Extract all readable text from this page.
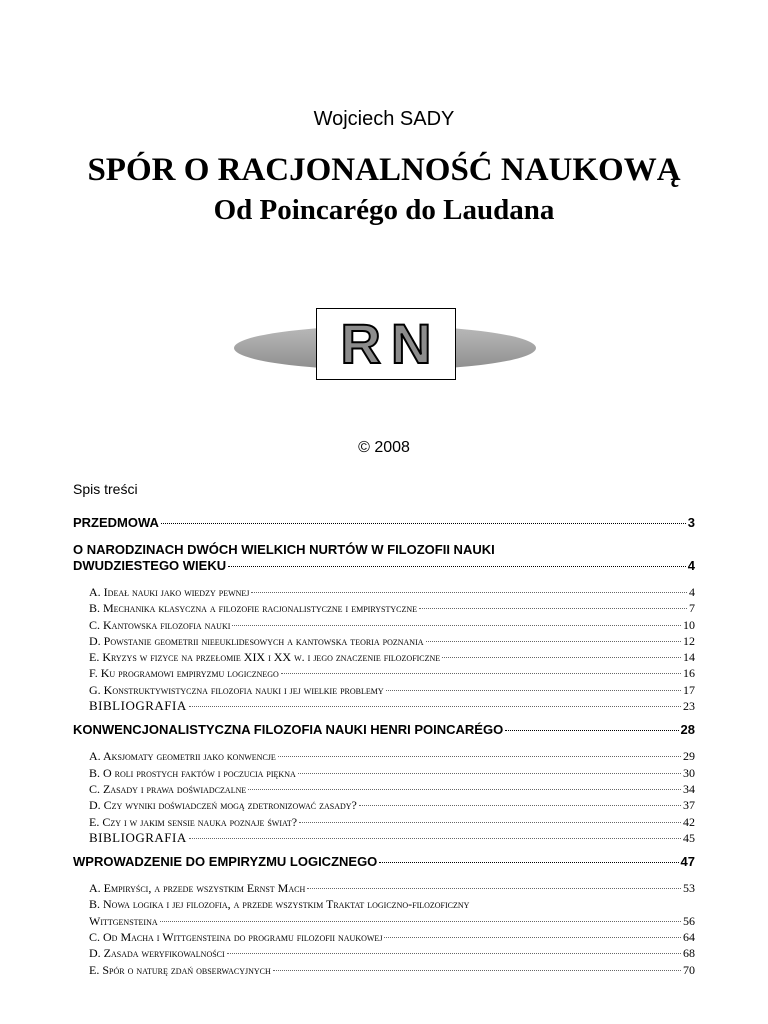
Wojciech SADY
SPÓR O RACJONALNOŚĆ NAUKOWĄ
Od Poincarégo do Laudana
RN
© 2008
Spis treści
PRZEDMOWA	3
O NARODZINACH DWÓCH WIELKICH NURTÓW W FILOZOFII NAUKI
DWUDZIESTEGO WIEKU	4
A. Ideał nauki jako wiedzy pewnej	4
B. Mechanika klasyczna a filozofie racjonalistyczne i empirystyczne	7
C. Kantowska filozofia nauki	10
D. Powstanie geometrii nieeuklidesowych a kantowska teoria poznania	12
E. Kryzys w fizyce na przełomie XIX i XX w. i jego znaczenie filozoficzne	14
F. Ku programowi empiryzmu logicznego	16
G. Konstruktywistyczna filozofia nauki i jej wielkie problemy	17
BIBLIOGRAFIA	23
KONWENCJONALISTYCZNA FILOZOFIA NAUKI HENRI POINCARÉGO	28
A. Aksjomaty geometrii jako konwencje	29
B. O roli prostych faktów i poczucia piękna	30
C. Zasady i prawa doświadczalne	34
D. Czy wyniki doświadczeń mogą zdetronizować zasady?	37
E. Czy i w jakim sensie nauka poznaje świat?	42
BIBLIOGRAFIA	45
WPROWADZENIE DO EMPIRYZMU LOGICZNEGO	47
A. Empiryści, a przede wszystkim Ernst Mach	53
B. Nowa logika i jej filozofia, a przede wszystkim Traktat logiczno-filozoficzny
Wittgensteina	56
C. Od Macha i Wittgensteina do programu filozofii naukowej	64
D. Zasada weryfikowalności	68
E. Spór o naturę zdań obserwacyjnych	70
